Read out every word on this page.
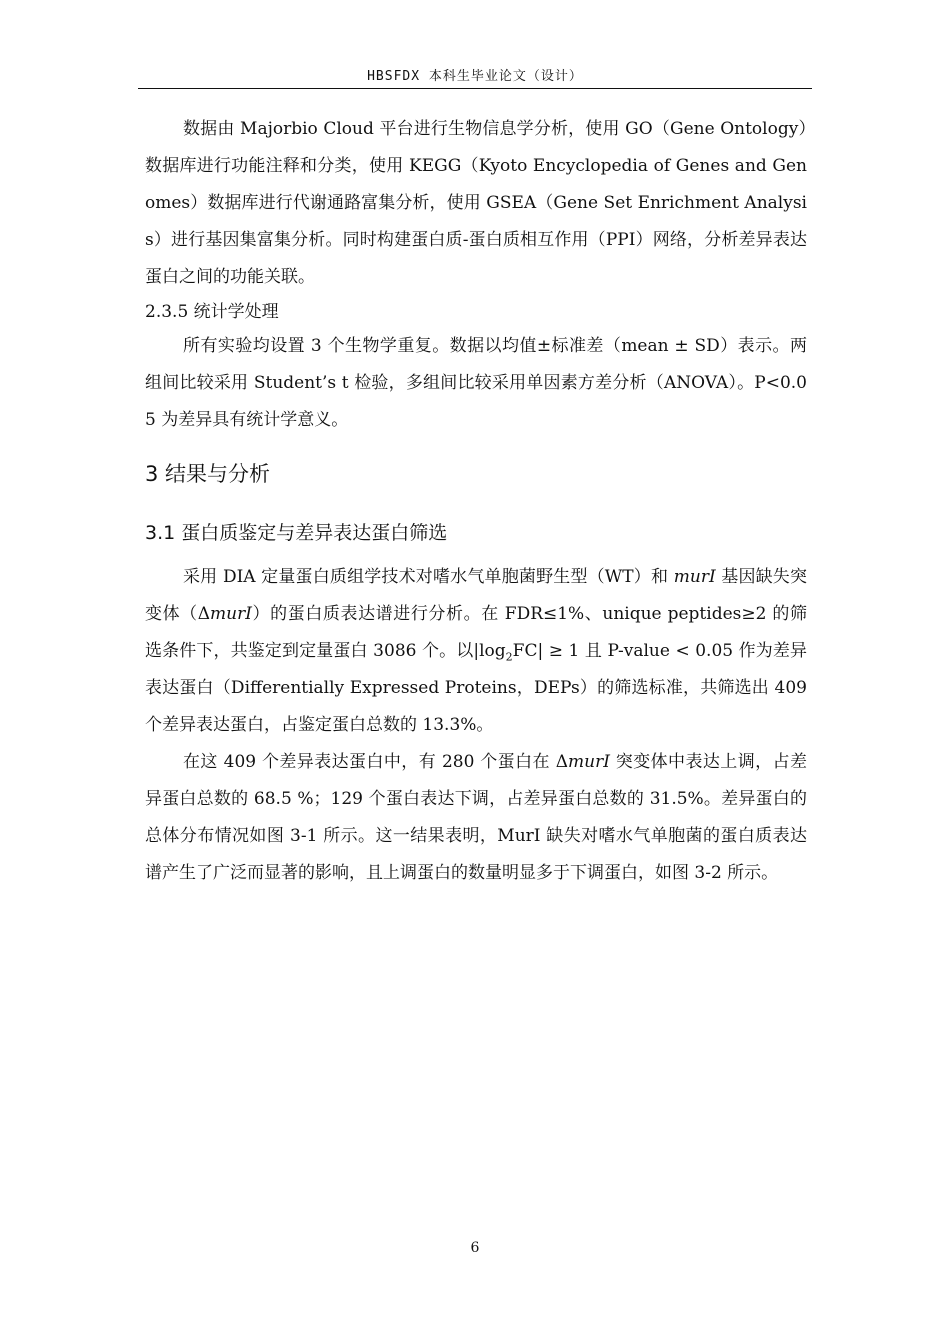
HBSFDX 本科生毕业论文（设计）

数据由 Majorbio Cloud 平台进行生物信息学分析，使用 GO（Gene Ontology）数据库进行功能注释和分类，使用 KEGG（Kyoto Encyclopedia of Genes and Genomes）数据库进行代谢通路富集分析，使用 GSEA（Gene Set Enrichment Analysis）进行基因集富集分析。同时构建蛋白质-蛋白质相互作用（PPI）网络，分析差异表达蛋白之间的功能关联。

2.3.5 统计学处理

所有实验均设置 3 个生物学重复。数据以均值±标准差（mean ± SD）表示。两组间比较采用 Student’s t 检验，多组间比较采用单因素方差分析（ANOVA）。P<0.05 为差异具有统计学意义。

3 结果与分析
3.1 蛋白质鉴定与差异表达蛋白筛选

采用 DIA 定量蛋白质组学技术对嗜水气单胞菌野生型（WT）和 murI 基因缺失突变体（ΔmurI）的蛋白质表达谱进行分析。在 FDR≤1%、unique peptides≥2 的筛选条件下，共鉴定到定量蛋白 3086 个。以$|\log_2FC| \ge 1$ 且 P-value < 0.05 作为差异表达蛋白（Differentially Expressed Proteins，DEPs）的筛选标准，共筛选出 409 个差异表达蛋白，占鉴定蛋白总数的 13.3%。

在这 409 个差异表达蛋白中，有 280 个蛋白在 ΔmurI 突变体中表达上调，占差异蛋白总数的 68.5 %；129 个蛋白表达下调，占差异蛋白总数的 31.5%。差异蛋白的总体分布情况如图 3-1 所示。这一结果表明，MurI 缺失对嗜水气单胞菌的蛋白质表达谱产生了广泛而显著的影响，且上调蛋白的数量明显多于下调蛋白，如图 3-2 所示。

6
